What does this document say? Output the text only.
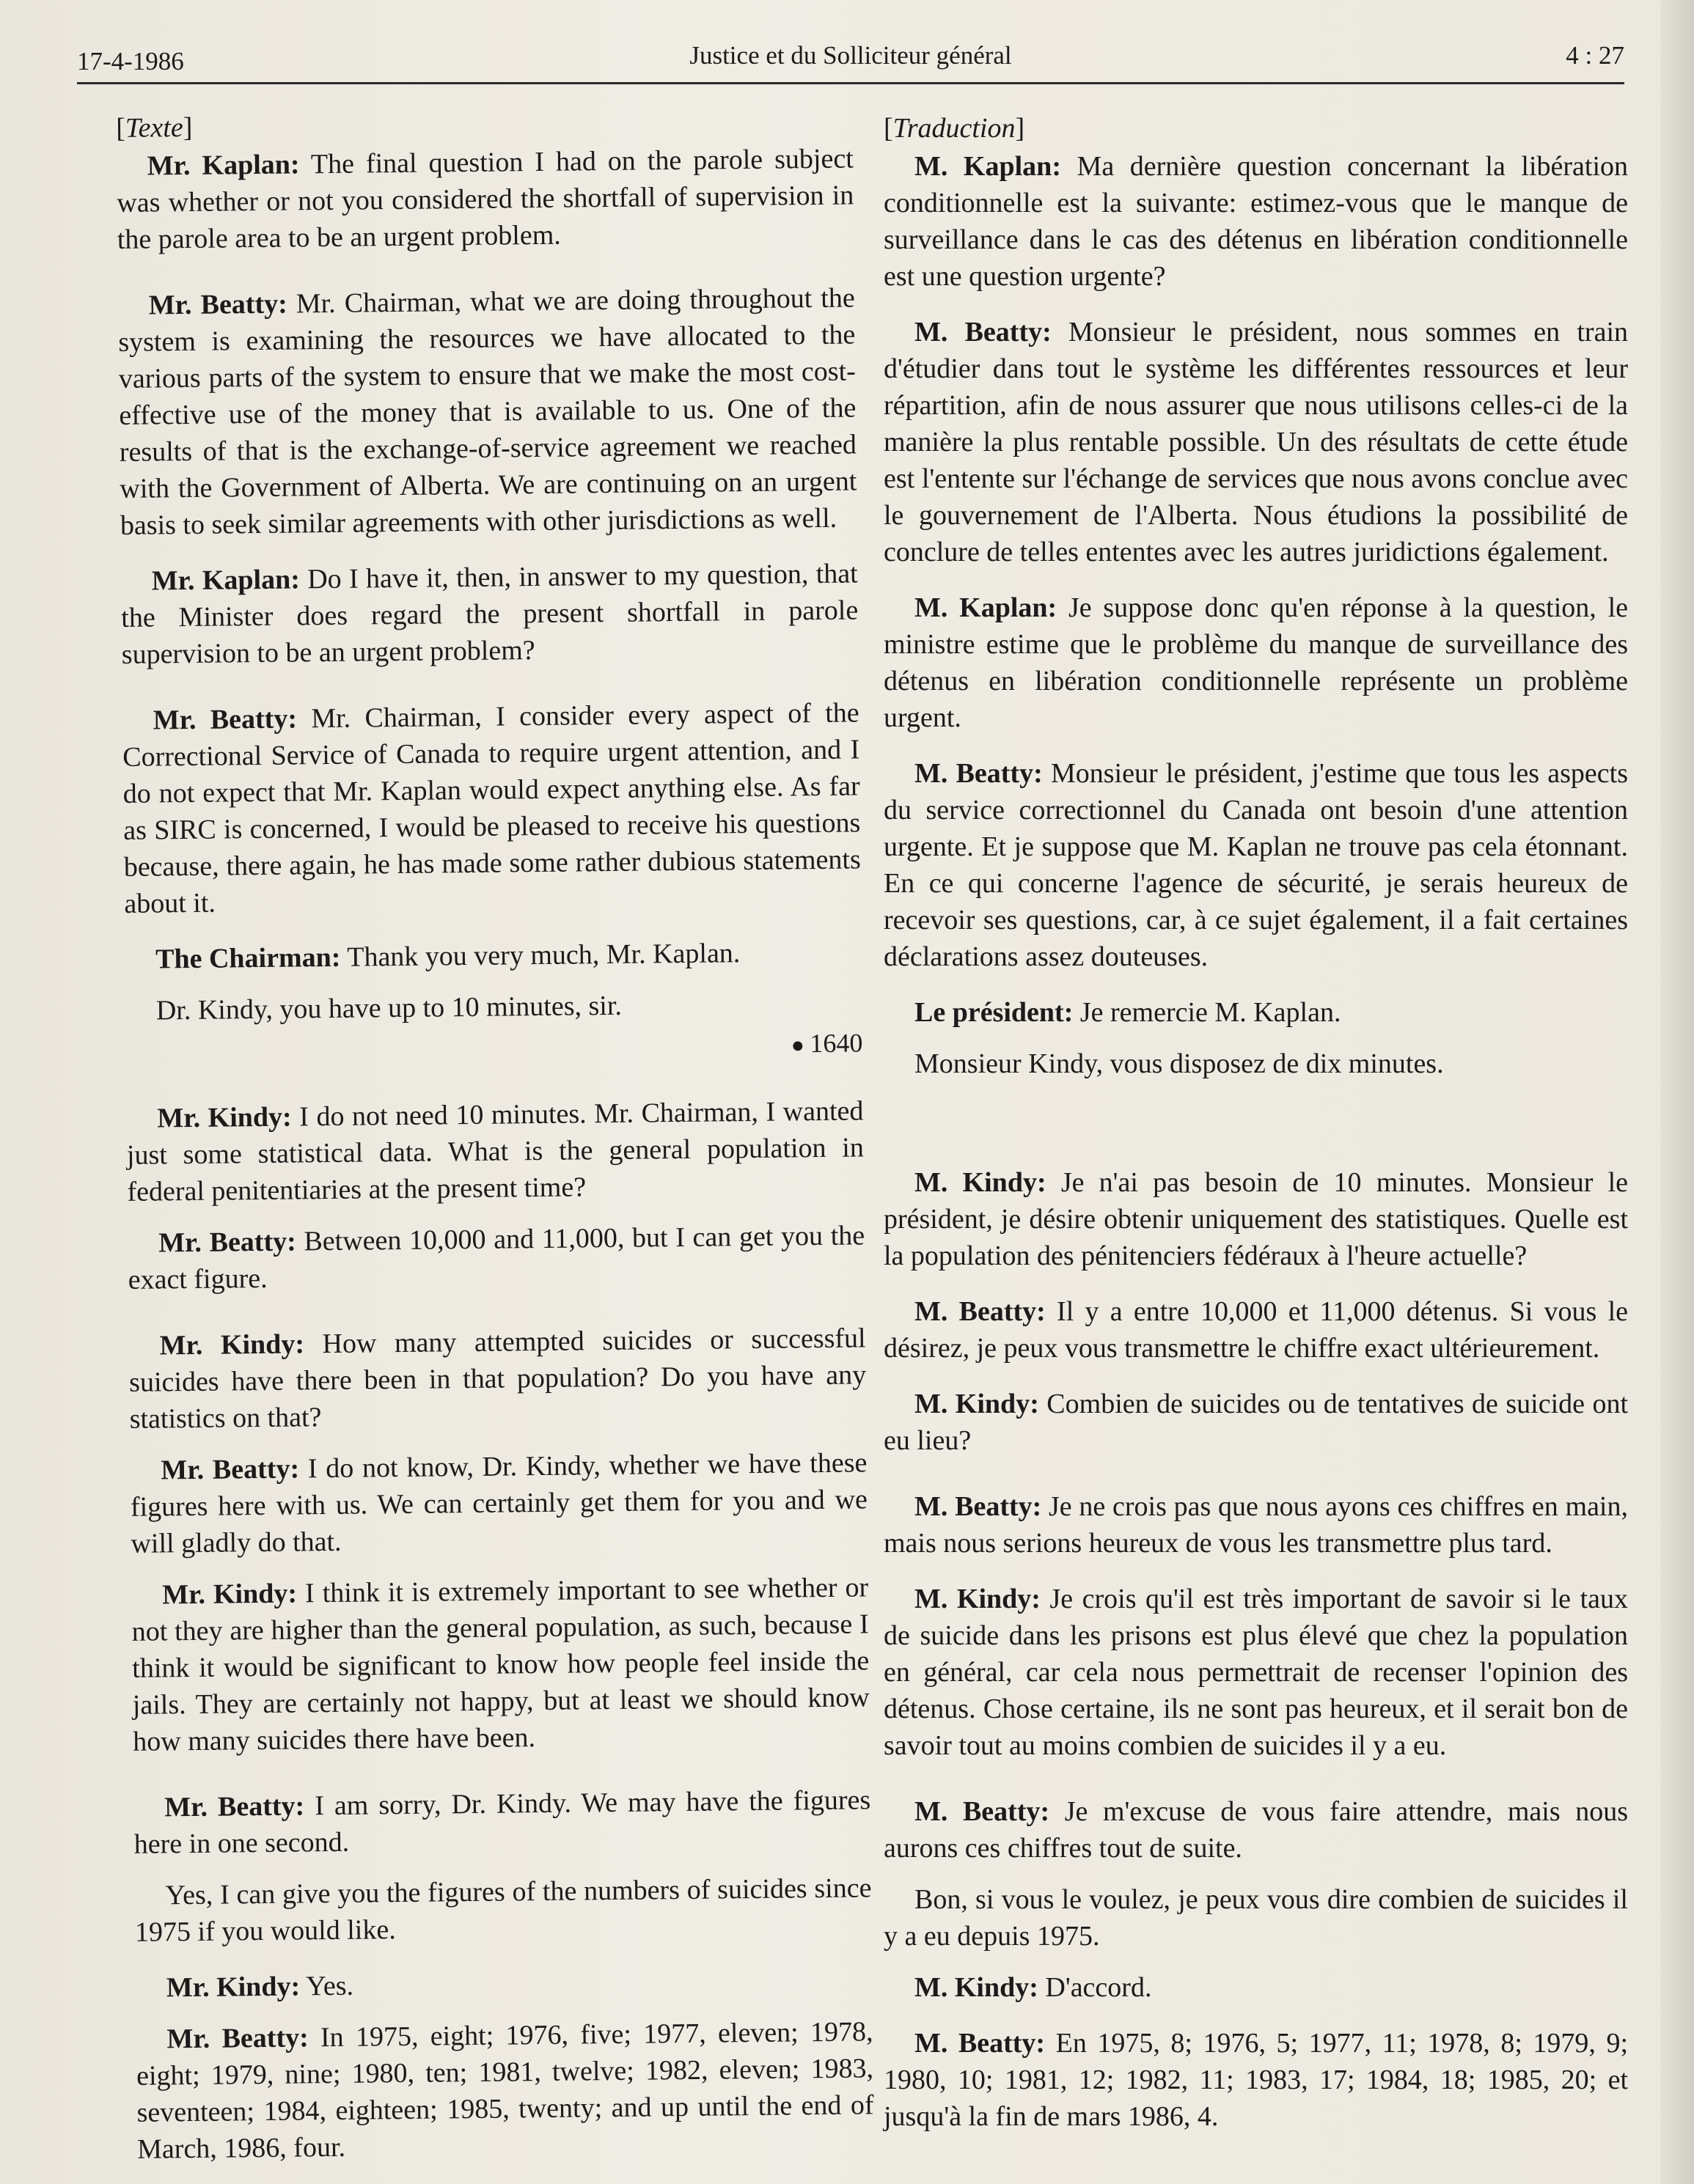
17-4-1986	Justice et du Solliciteur général	4 : 27
[Texte]

Mr. Kaplan: The final question I had on the parole subject was whether or not you considered the shortfall of supervision in the parole area to be an urgent problem.

Mr. Beatty: Mr. Chairman, what we are doing throughout the system is examining the resources we have allocated to the various parts of the system to ensure that we make the most cost-effective use of the money that is available to us. One of the results of that is the exchange-of-service agreement we reached with the Government of Alberta. We are continuing on an urgent basis to seek similar agreements with other jurisdictions as well.

Mr. Kaplan: Do I have it, then, in answer to my question, that the Minister does regard the present shortfall in parole supervision to be an urgent problem?

Mr. Beatty: Mr. Chairman, I consider every aspect of the Correctional Service of Canada to require urgent attention, and I do not expect that Mr. Kaplan would expect anything else. As far as SIRC is concerned, I would be pleased to receive his questions because, there again, he has made some rather dubious statements about it.

The Chairman: Thank you very much, Mr. Kaplan.

Dr. Kindy, you have up to 10 minutes, sir.

● 1640

Mr. Kindy: I do not need 10 minutes. Mr. Chairman, I wanted just some statistical data. What is the general population in federal penitentiaries at the present time?

Mr. Beatty: Between 10,000 and 11,000, but I can get you the exact figure.

Mr. Kindy: How many attempted suicides or successful suicides have there been in that population? Do you have any statistics on that?

Mr. Beatty: I do not know, Dr. Kindy, whether we have these figures here with us. We can certainly get them for you and we will gladly do that.

Mr. Kindy: I think it is extremely important to see whether or not they are higher than the general population, as such, because I think it would be significant to know how people feel inside the jails. They are certainly not happy, but at least we should know how many suicides there have been.

Mr. Beatty: I am sorry, Dr. Kindy. We may have the figures here in one second.

Yes, I can give you the figures of the numbers of suicides since 1975 if you would like.

Mr. Kindy: Yes.

Mr. Beatty: In 1975, eight; 1976, five; 1977, eleven; 1978, eight; 1979, nine; 1980, ten; 1981, twelve; 1982, eleven; 1983, seventeen; 1984, eighteen; 1985, twenty; and up until the end of March, 1986, four.

[Traduction]

M. Kaplan: Ma dernière question concernant la libération conditionnelle est la suivante: estimez-vous que le manque de surveillance dans le cas des détenus en libération conditionnelle est une question urgente?

M. Beatty: Monsieur le président, nous sommes en train d'étudier dans tout le système les différentes ressources et leur répartition, afin de nous assurer que nous utilisons celles-ci de la manière la plus rentable possible. Un des résultats de cette étude est l'entente sur l'échange de services que nous avons conclue avec le gouvernement de l'Alberta. Nous étudions la possibilité de conclure de telles ententes avec les autres juridictions également.

M. Kaplan: Je suppose donc qu'en réponse à la question, le ministre estime que le problème du manque de surveillance des détenus en libération conditionnelle représente un problème urgent.

M. Beatty: Monsieur le président, j'estime que tous les aspects du service correctionnel du Canada ont besoin d'une attention urgente. Et je suppose que M. Kaplan ne trouve pas cela étonnant. En ce qui concerne l'agence de sécurité, je serais heureux de recevoir ses questions, car, à ce sujet également, il a fait certaines déclarations assez douteuses.

Le président: Je remercie M. Kaplan.

Monsieur Kindy, vous disposez de dix minutes.

M. Kindy: Je n'ai pas besoin de 10 minutes. Monsieur le président, je désire obtenir uniquement des statistiques. Quelle est la population des pénitenciers fédéraux à l'heure actuelle?

M. Beatty: Il y a entre 10,000 et 11,000 détenus. Si vous le désirez, je peux vous transmettre le chiffre exact ultérieurement.

M. Kindy: Combien de suicides ou de tentatives de suicide ont eu lieu?

M. Beatty: Je ne crois pas que nous ayons ces chiffres en main, mais nous serions heureux de vous les transmettre plus tard.

M. Kindy: Je crois qu'il est très important de savoir si le taux de suicide dans les prisons est plus élevé que chez la population en général, car cela nous permettrait de recenser l'opinion des détenus. Chose certaine, ils ne sont pas heureux, et il serait bon de savoir tout au moins combien de suicides il y a eu.

M. Beatty: Je m'excuse de vous faire attendre, mais nous aurons ces chiffres tout de suite.

Bon, si vous le voulez, je peux vous dire combien de suicides il y a eu depuis 1975.

M. Kindy: D'accord.

M. Beatty: En 1975, 8; 1976, 5; 1977, 11; 1978, 8; 1979, 9; 1980, 10; 1981, 12; 1982, 11; 1983, 17; 1984, 18; 1985, 20; et jusqu'à la fin de mars 1986, 4.
